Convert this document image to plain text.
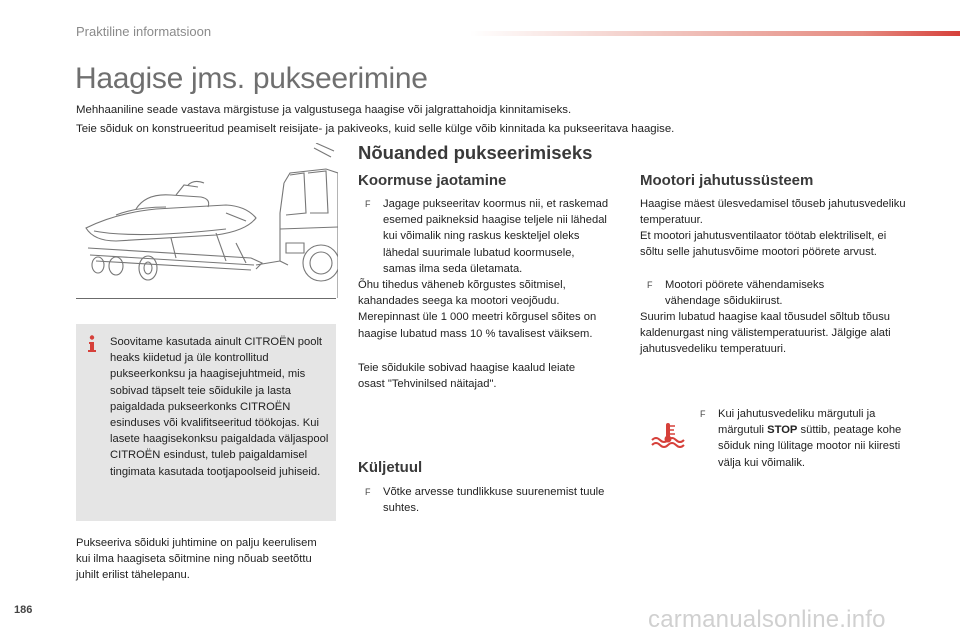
Praktiline informatsioon
Haagise jms. pukseerimine
Mehhaaniline seade vastava märgistuse ja valgustusega haagise või jalgrattahoidja kinnitamiseks.
Teie sõiduk on konstrueeritud peamiselt reisijate- ja pakiveoks, kuid selle külge võib kinnitada ka pukseeritava haagise.
Soovitame kasutada ainult CITROËN poolt heaks kiidetud ja üle kontrollitud pukseerkonksu ja haagisejuhtmeid, mis sobivad täpselt teie sõidukile ja lasta paigaldada pukseerkonks CITROËN esinduses või kvalifitseeritud töökojas. Kui lasete haagisekonksu paigaldada väljaspool CITROËN esindust, tuleb paigaldamisel tingimata kasutada tootjapoolseid juhiseid.
Pukseeriva sõiduki juhtimine on palju keerulisem kui ilma haagiseta sõitmine ning nõuab seetõttu juhilt erilist tähelepanu.
Nõuanded pukseerimiseks
Koormuse jaotamine
F	Jagage pukseeritav koormus nii, et raskemad esemed paikneksid haagise teljele nii lähedal kui võimalik ning raskus keskteljel oleks lähedal suurimale lubatud koormusele, samas ilma seda ületamata.
Õhu tihedus väheneb kõrgustes sõitmisel, kahandades seega ka mootori veojõudu. Merepinnast üle 1 000 meetri kõrgusel sõites on haagise lubatud mass 10 % tavalisest väiksem.
Teie sõidukile sobivad haagise kaalud leiate osast "Tehvinilsed näitajad".
Küljetuul
F	Võtke arvesse tundlikkuse suurenemist tuule suhtes.
Mootori jahutussüsteem
Haagise mäest ülesvedamisel tõuseb jahutusvedeliku temperatuur.
Et mootori jahutusventilaator töötab elektriliselt, ei sõltu selle jahutusvõime mootori pöörete arvust.
F	Mootori pöörete vähendamiseks vähendage sõidukiirust.
Suurim lubatud haagise kaal tõusudel sõltub tõusu kaldenurgast ning välistemperatuurist. Jälgige alati jahutusvedeliku temperatuuri.
F	Kui jahutusvedeliku märgutuli ja märgutuli STOP süttib, peatage kohe sõiduk ning lülitage mootor nii kiiresti välja kui võimalik.
186	carmanualsonline.info
